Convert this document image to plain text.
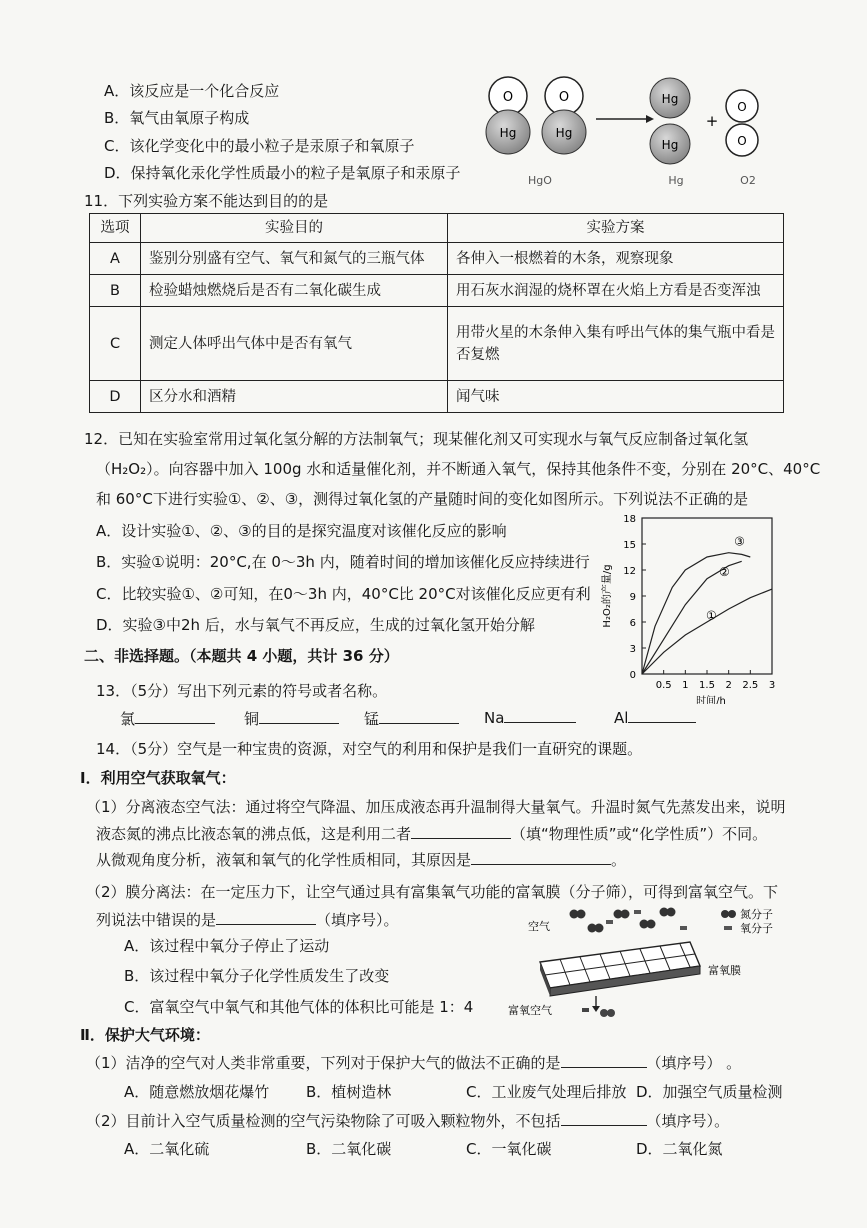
A．该反应是一个化合反应
B．氧气由氧原子构成
C．该化学变化中的最小粒子是汞原子和氧原子
D．保持氧化汞化学性质最小的粒子是氧原子和汞原子
O
Hg
O
Hg
Hg
Hg
+
O
O
HgO	Hg	O2
11．下列实验方案不能达到目的的是
选项	实验目的	实验方案
A	鉴别分别盛有空气、氧气和氮气的三瓶气体	各伸入一根燃着的木条，观察现象
B	检验蜡烛燃烧后是否有二氧化碳生成	用石灰水润湿的烧杯罩在火焰上方看是否变浑浊
C	测定人体呼出气体中是否有氧气	用带火星的木条伸入集有呼出气体的集气瓶中看是否复燃
D	区分水和酒精	闻气味
12．已知在实验室常用过氧化氢分解的方法制氧气；现某催化剂又可实现水与氧气反应制备过氧化氢
（H₂O₂）。向容器中加入 100g 水和适量催化剂，并不断通入氧气，保持其他条件不变，分别在 20°C、40°C
和 60°C下进行实验①、②、③，测得过氧化氢的产量随时间的变化如图所示。下列说法不正确的是
A．设计实验①、②、③的目的是探究温度对该催化反应的影响
B．实验①说明：20°C,在 0～3h 内，随着时间的增加该催化反应持续进行
C．比较实验①、②可知，在0～3h 内，40°C比 20°C对该催化反应更有利
D．实验③中2h 后，水与氧气不再反应，生成的过氧化氢开始分解
0
3
6
9
12
15
18
0.5 1 1.5 2 2.5 3
时间/h
H₂O₂的产量/g
③
②
①
二、非选择题。（本题共 4 小题，共计 36 分）
13．（5分）写出下列元素的符号或者名称。
氯	铜	锰	Na	Al
14．（5分）空气是一种宝贵的资源，对空气的利用和保护是我们一直研究的课题。
Ⅰ．利用空气获取氧气：
（1）分离液态空气法：通过将空气降温、加压成液态再升温制得大量氧气。升温时氮气先蒸发出来，说明
液态氮的沸点比液态氧的沸点低，这是利用二者	（填“物理性质”或“化学性质”）不同。
从微观角度分析，液氧和氧气的化学性质相同，其原因是	。
（2）膜分离法：在一定压力下，让空气通过具有富集氧气功能的富氧膜（分子筛），可得到富氧空气。下
列说法中错误的是	（填序号）。
A．该过程中氧分子停止了运动
B．该过程中氧分子化学性质发生了改变
C．富氧空气中氧气和其他气体的体积比可能是 1：4
空气
氮分子
氧分子
富氧膜
富氧空气
Ⅱ．保护大气环境：
（1）洁净的空气对人类非常重要，下列对于保护大气的做法不正确的是	（填序号） 。
A．随意燃放烟花爆竹 B．植树造林	C．工业废气处理后排放 D．加强空气质量检测
（2）目前计入空气质量检测的空气污染物除了可吸入颗粒物外，不包括	（填序号）。
A．二氧化硫	B．二氧化碳	C．一氧化碳	D．二氧化氮
